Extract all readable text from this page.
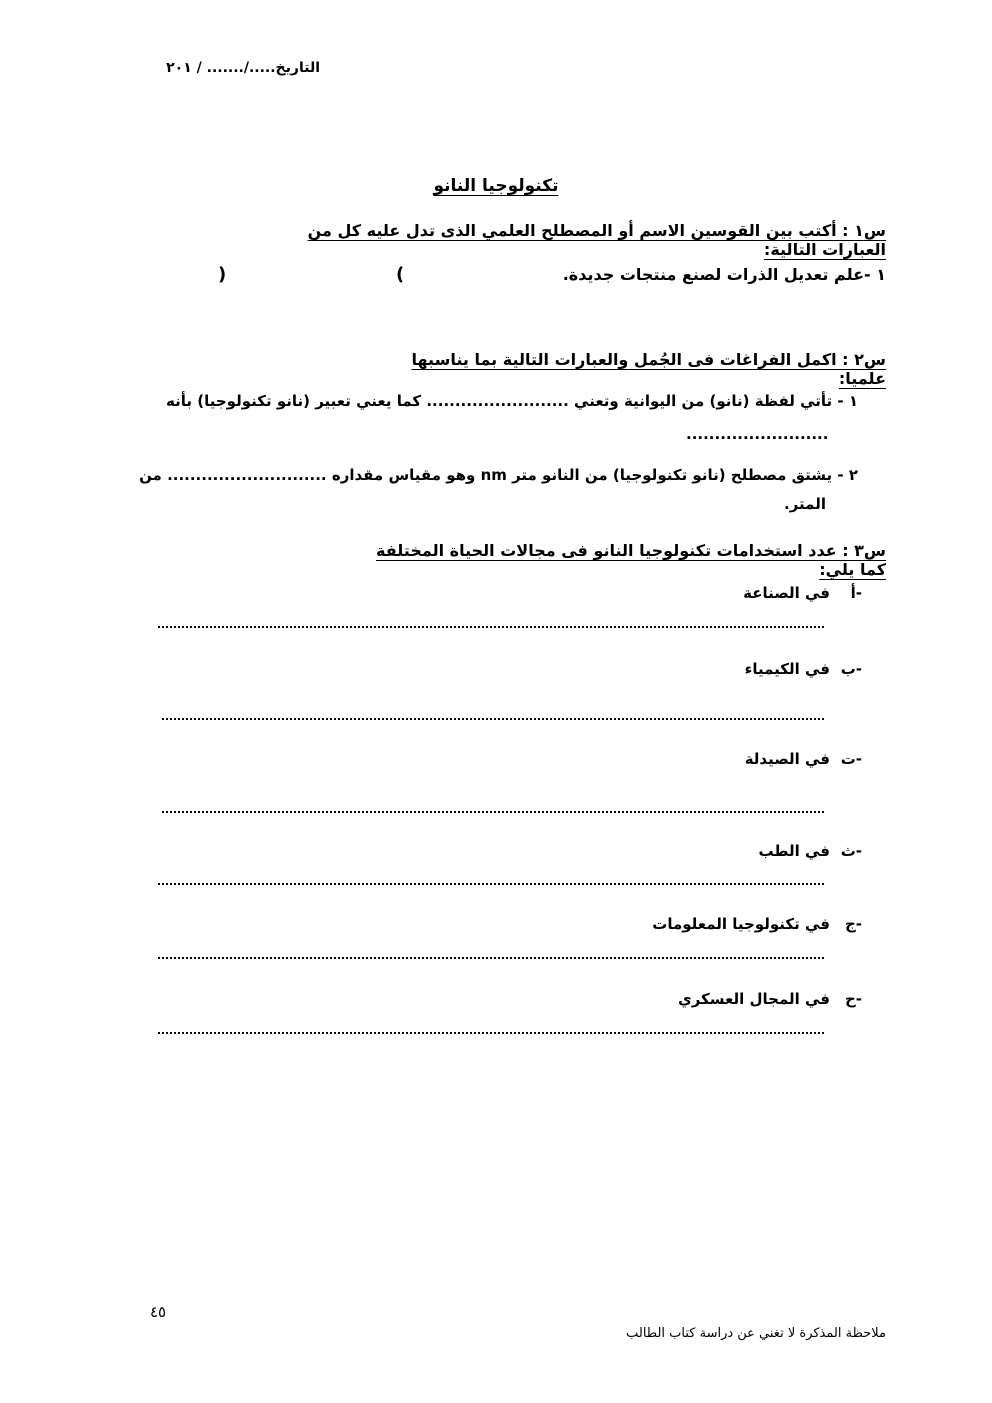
التاريخ...../....... / ٢٠١
تكنولوجيا النانو
س١ : أكتب بين القوسين الاسم أو المصطلح العلمي الذى تدل عليه كل من العبارات التالية:
١ -علم تعديل الذرات لصنع منتجات جديدة.
(
)
س٢ : اكمل الفراغات فى الجُمل والعبارات التالية بما يناسبها علميا:
١ - تأتي لفظة (نانو) من اليوانية وتعني ......................... كما يعني تعبير (نانو تكنولوجيا) بأنه
.........................
٢ - يشتق مصطلح (نانو تكنولوجيا) من النانو متر nm وهو مقياس مقداره ............................ من
المتر.
س٣ : عدد استخدامات تكنولوجيا النانو فى مجالات الحياة المختلفة كما يلي:
أ-
في الصناعة
ب-
في الكيمياء
ت-
في الصيدلة
ث-
في الطب
ج-
في تكنولوجيا المعلومات
ح-
في المجال العسكري
٤٥
ملاحظة المذكرة لا تغني عن دراسة كتاب الطالب
